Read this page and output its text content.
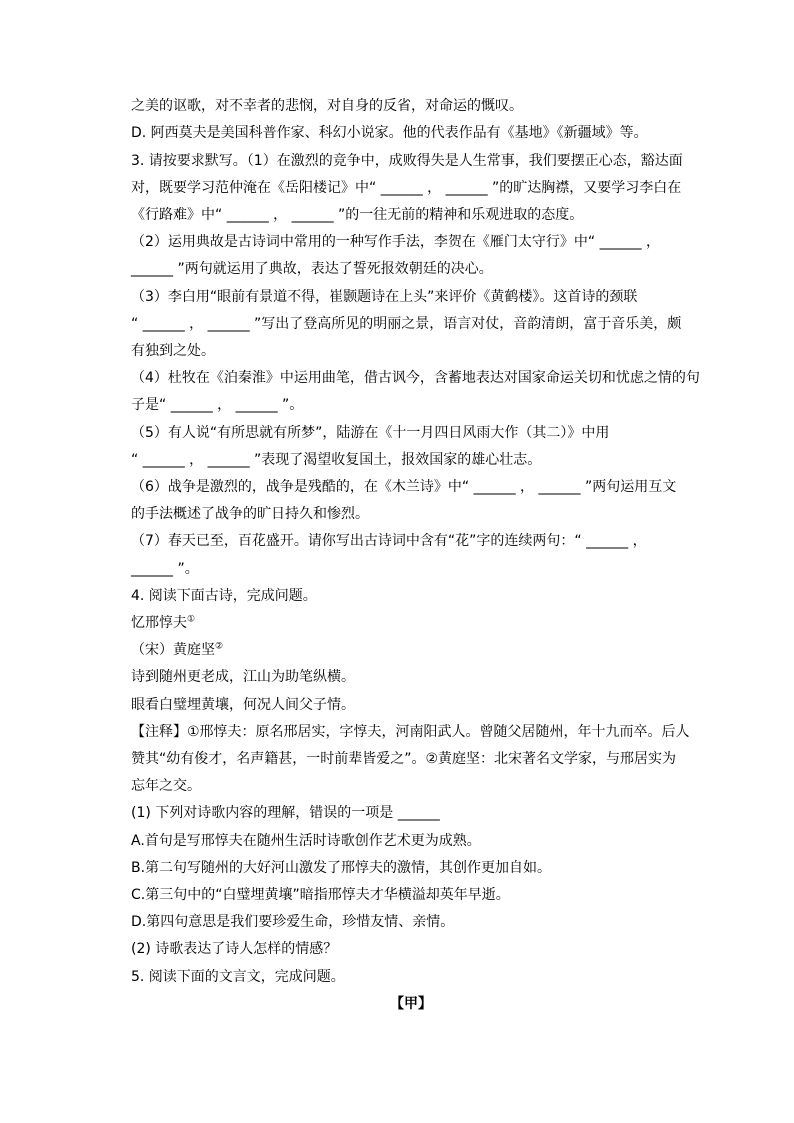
之美的讴歌，对不幸者的悲悯，对自身的反省，对命运的慨叹。
D. 阿西莫夫是美国科普作家、科幻小说家。他的代表作品有《基地》《新疆域》等。
3. 请按要求默写。（1）在激烈的竞争中，成败得失是人生常事，我们要摆正心态，豁达面
对，既要学习范仲淹在《岳阳楼记》中“ ______ ， ______ ”的旷达胸襟，又要学习李白在
《行路难》中“ ______ ， ______ ”的一往无前的精神和乐观进取的态度。
（2）运用典故是古诗词中常用的一种写作手法，李贺在《雁门太守行》中“ ______ ，
______ ”两句就运用了典故，表达了誓死报效朝廷的决心。
（3）李白用“眼前有景道不得，崔颢题诗在上头”来评价《黄鹤楼》。这首诗的颈联
“ ______ ， ______ ”写出了登高所见的明丽之景，语言对仗，音韵清朗，富于音乐美，颇
有独到之处。
（4）杜牧在《泊秦淮》中运用曲笔，借古讽今，含蓄地表达对国家命运关切和忧虑之情的句
子是“ ______ ， ______ ”。
（5）有人说“有所思就有所梦”，陆游在《十一月四日风雨大作（其二）》中用
“ ______ ， ______ ”表现了渴望收复国土，报效国家的雄心壮志。
（6）战争是激烈的，战争是残酷的，在《木兰诗》中“ ______ ， ______ ”两句运用互文
的手法概述了战争的旷日持久和惨烈。
（7）春天已至，百花盛开。请你写出古诗词中含有“花”字的连续两句：“ ______ ，
______ ”。
4. 阅读下面古诗，完成问题。
忆邢惇夫①
（宋）黄庭坚②
诗到随州更老成，江山为助笔纵横。
眼看白璧埋黄壤，何况人间父子情。
【注释】①邢惇夫：原名邢居实，字惇夫，河南阳武人。曾随父居随州，年十九而卒。后人
赞其“幼有俊才，名声籍甚，一时前辈皆爱之”。②黄庭坚：北宋著名文学家，与邢居实为
忘年之交。
(1) 下列对诗歌内容的理解，错误的一项是 ______
A.首句是写邢惇夫在随州生活时诗歌创作艺术更为成熟。
B.第二句写随州的大好河山激发了邢惇夫的激情，其创作更加自如。
C.第三句中的“白璧埋黄壤”暗指邢惇夫才华横溢却英年早逝。
D.第四句意思是我们要珍爱生命，珍惜友情、亲情。
(2) 诗歌表达了诗人怎样的情感？
5. 阅读下面的文言文，完成问题。
【甲】
